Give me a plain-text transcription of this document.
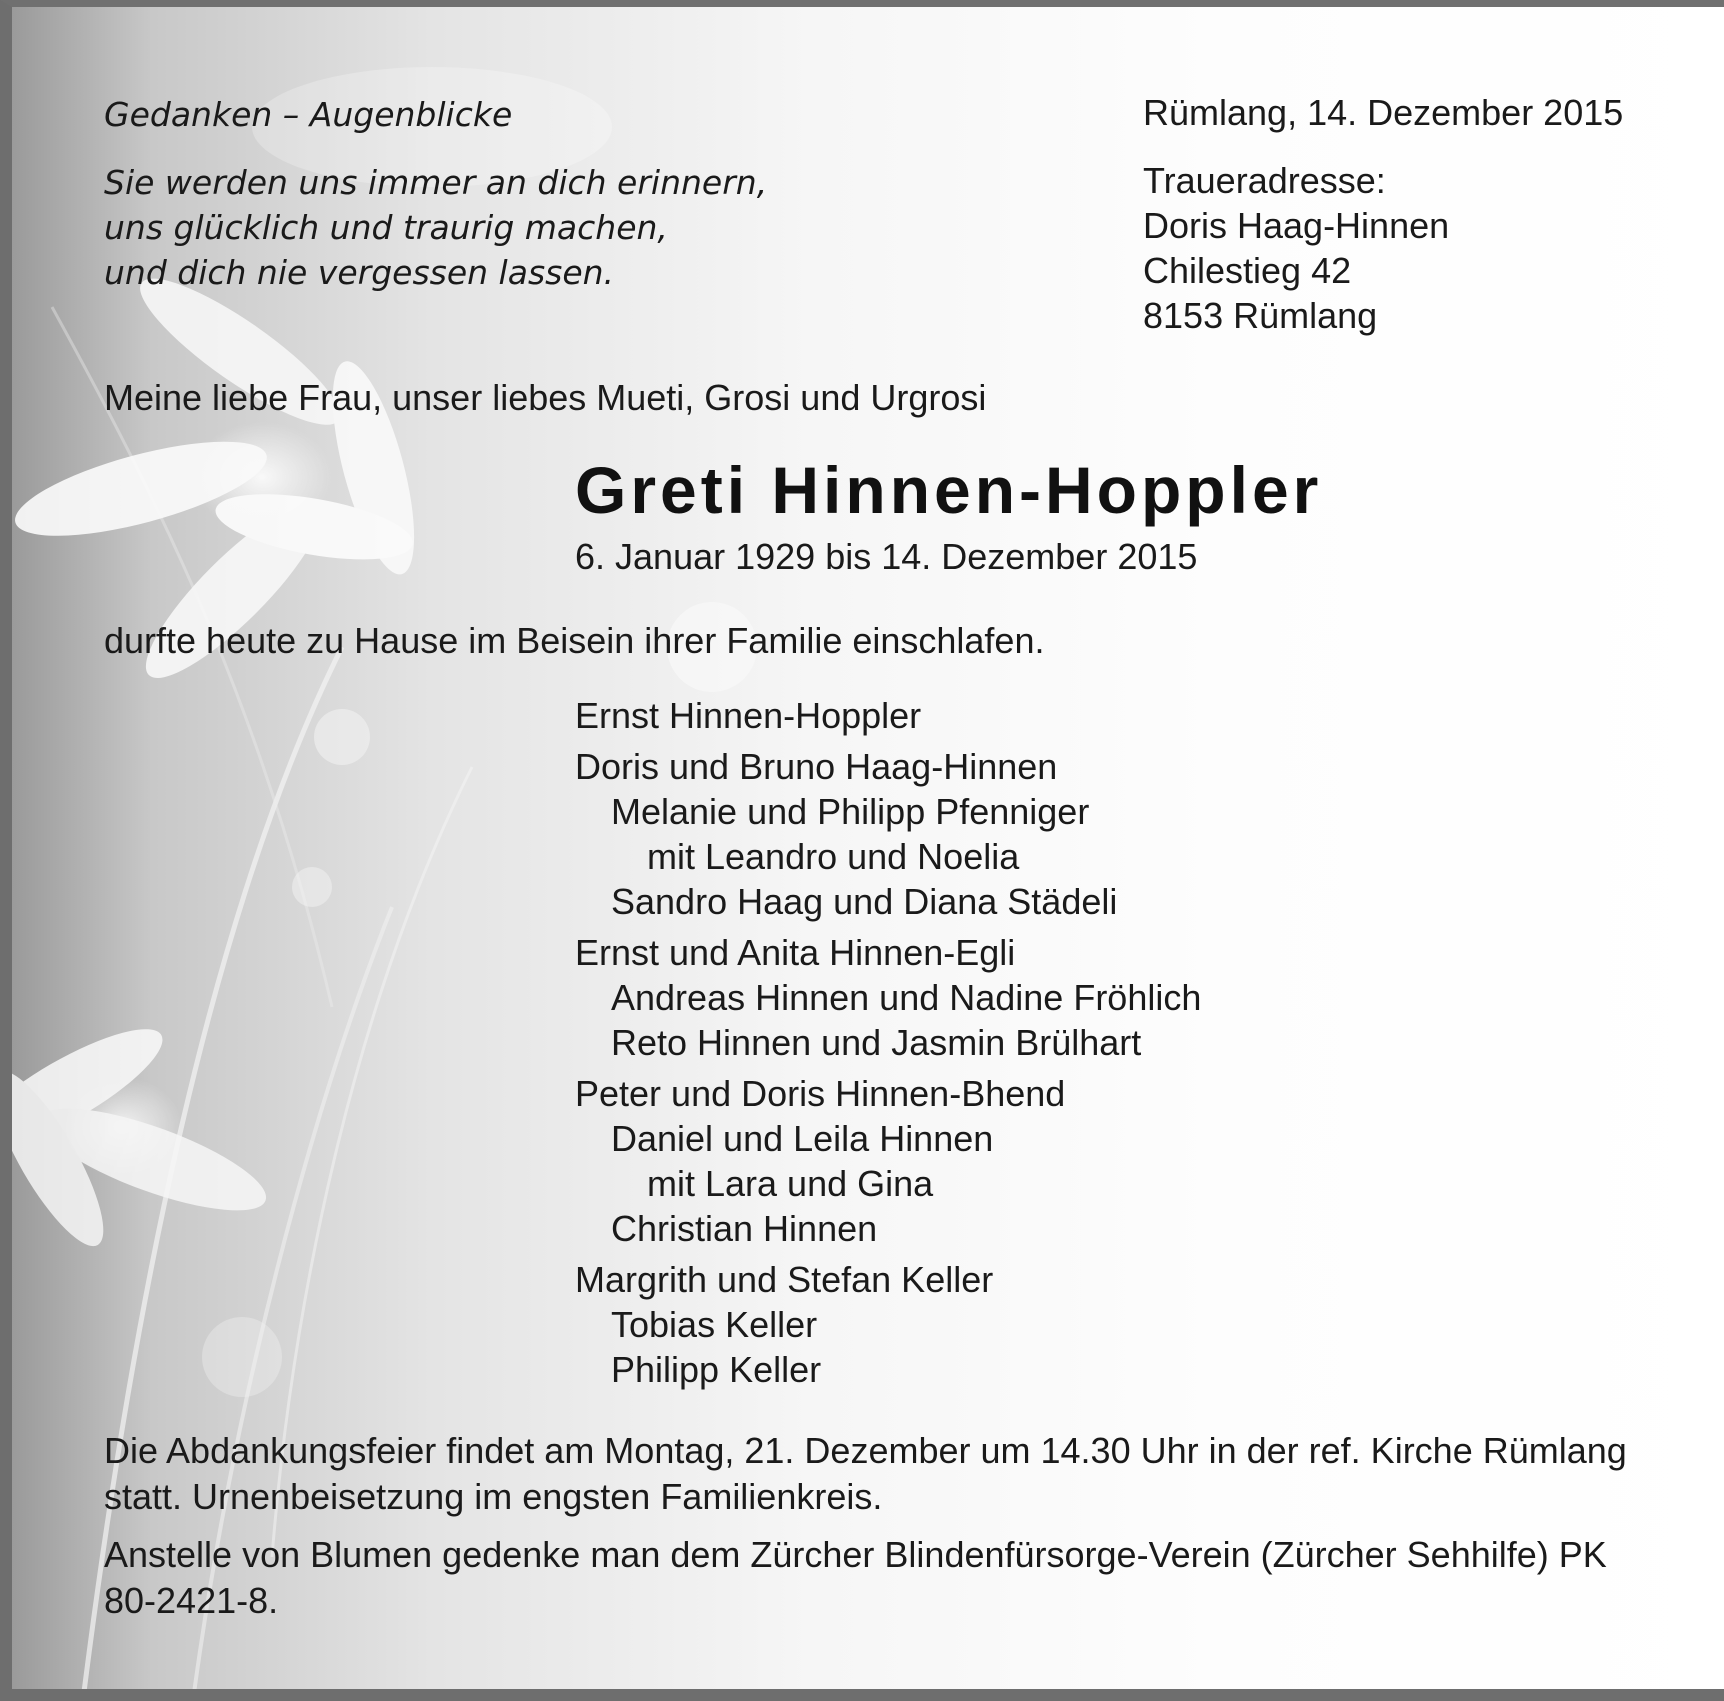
Gedanken – Augenblicke
Sie werden uns immer an dich erinnern,
uns glücklich und traurig machen,
und dich nie vergessen lassen.
Rümlang, 14. Dezember 2015
Traueradresse:
Doris Haag-Hinnen
Chilestieg 42
8153 Rümlang
Meine liebe Frau, unser liebes Mueti, Grosi und Urgrosi
Greti Hinnen-Hoppler
6. Januar 1929 bis 14. Dezember 2015
durfte heute zu Hause im Beisein ihrer Familie einschlafen.
Ernst Hinnen-Hoppler
Doris und Bruno Haag-Hinnen
Melanie und Philipp Pfenniger
mit Leandro und Noelia
Sandro Haag und Diana Städeli
Ernst und Anita Hinnen-Egli
Andreas Hinnen und Nadine Fröhlich
Reto Hinnen und Jasmin Brülhart
Peter und Doris Hinnen-Bhend
Daniel und Leila Hinnen
mit Lara und Gina
Christian Hinnen
Margrith und Stefan Keller
Tobias Keller
Philipp Keller
Die Abdankungsfeier findet am Montag, 21. Dezember um 14.30 Uhr in der ref. Kirche Rümlang statt. Urnenbeisetzung im engsten Familienkreis.
Anstelle von Blumen gedenke man dem Zürcher Blindenfürsorge-Verein (Zürcher Sehhilfe) PK 80-2421-8.
